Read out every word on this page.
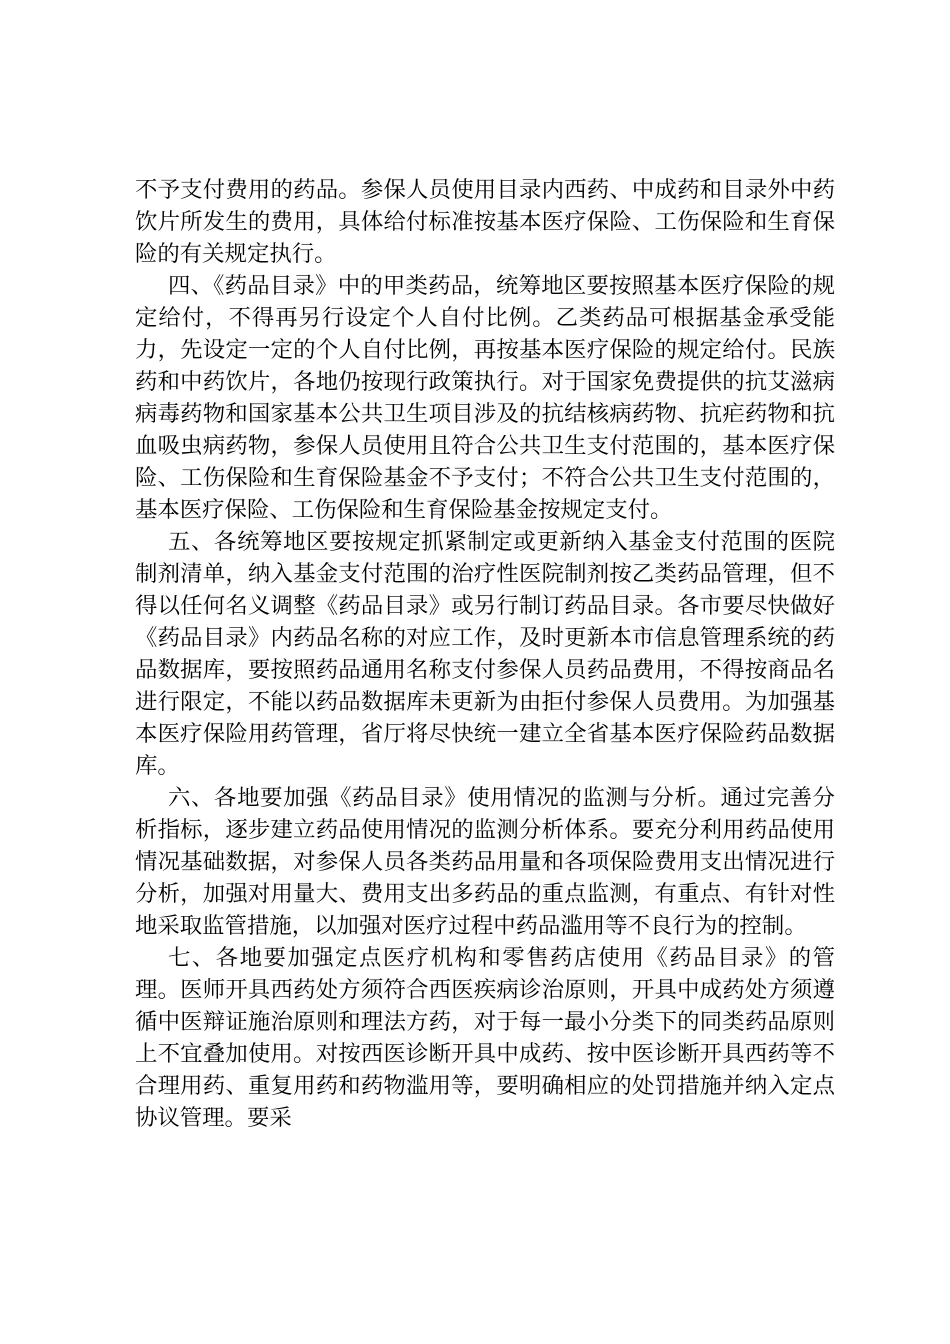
不予支付费用的药品。参保人员使用目录内西药、中成药和目录外中药饮片所发生的费用，具体给付标准按基本医疗保险、工伤保险和生育保险的有关规定执行。

四、《药品目录》中的甲类药品，统筹地区要按照基本医疗保险的规定给付，不得再另行设定个人自付比例。乙类药品可根据基金承受能力，先设定一定的个人自付比例，再按基本医疗保险的规定给付。民族药和中药饮片，各地仍按现行政策执行。对于国家免费提供的抗艾滋病病毒药物和国家基本公共卫生项目涉及的抗结核病药物、抗疟药物和抗血吸虫病药物，参保人员使用且符合公共卫生支付范围的，基本医疗保险、工伤保险和生育保险基金不予支付；不符合公共卫生支付范围的，基本医疗保险、工伤保险和生育保险基金按规定支付。

五、各统筹地区要按规定抓紧制定或更新纳入基金支付范围的医院制剂清单，纳入基金支付范围的治疗性医院制剂按乙类药品管理，但不得以任何名义调整《药品目录》或另行制订药品目录。各市要尽快做好《药品目录》内药品名称的对应工作，及时更新本市信息管理系统的药品数据库，要按照药品通用名称支付参保人员药品费用，不得按商品名进行限定，不能以药品数据库未更新为由拒付参保人员费用。为加强基本医疗保险用药管理，省厅将尽快统一建立全省基本医疗保险药品数据库。

六、各地要加强《药品目录》使用情况的监测与分析。通过完善分析指标，逐步建立药品使用情况的监测分析体系。要充分利用药品使用情况基础数据，对参保人员各类药品用量和各项保险费用支出情况进行分析，加强对用量大、费用支出多药品的重点监测，有重点、有针对性地采取监管措施，以加强对医疗过程中药品滥用等不良行为的控制。

七、各地要加强定点医疗机构和零售药店使用《药品目录》的管理。医师开具西药处方须符合西医疾病诊治原则，开具中成药处方须遵循中医辩证施治原则和理法方药，对于每一最小分类下的同类药品原则上不宜叠加使用。对按西医诊断开具中成药、按中医诊断开具西药等不合理用药、重复用药和药物滥用等，要明确相应的处罚措施并纳入定点协议管理。要采
